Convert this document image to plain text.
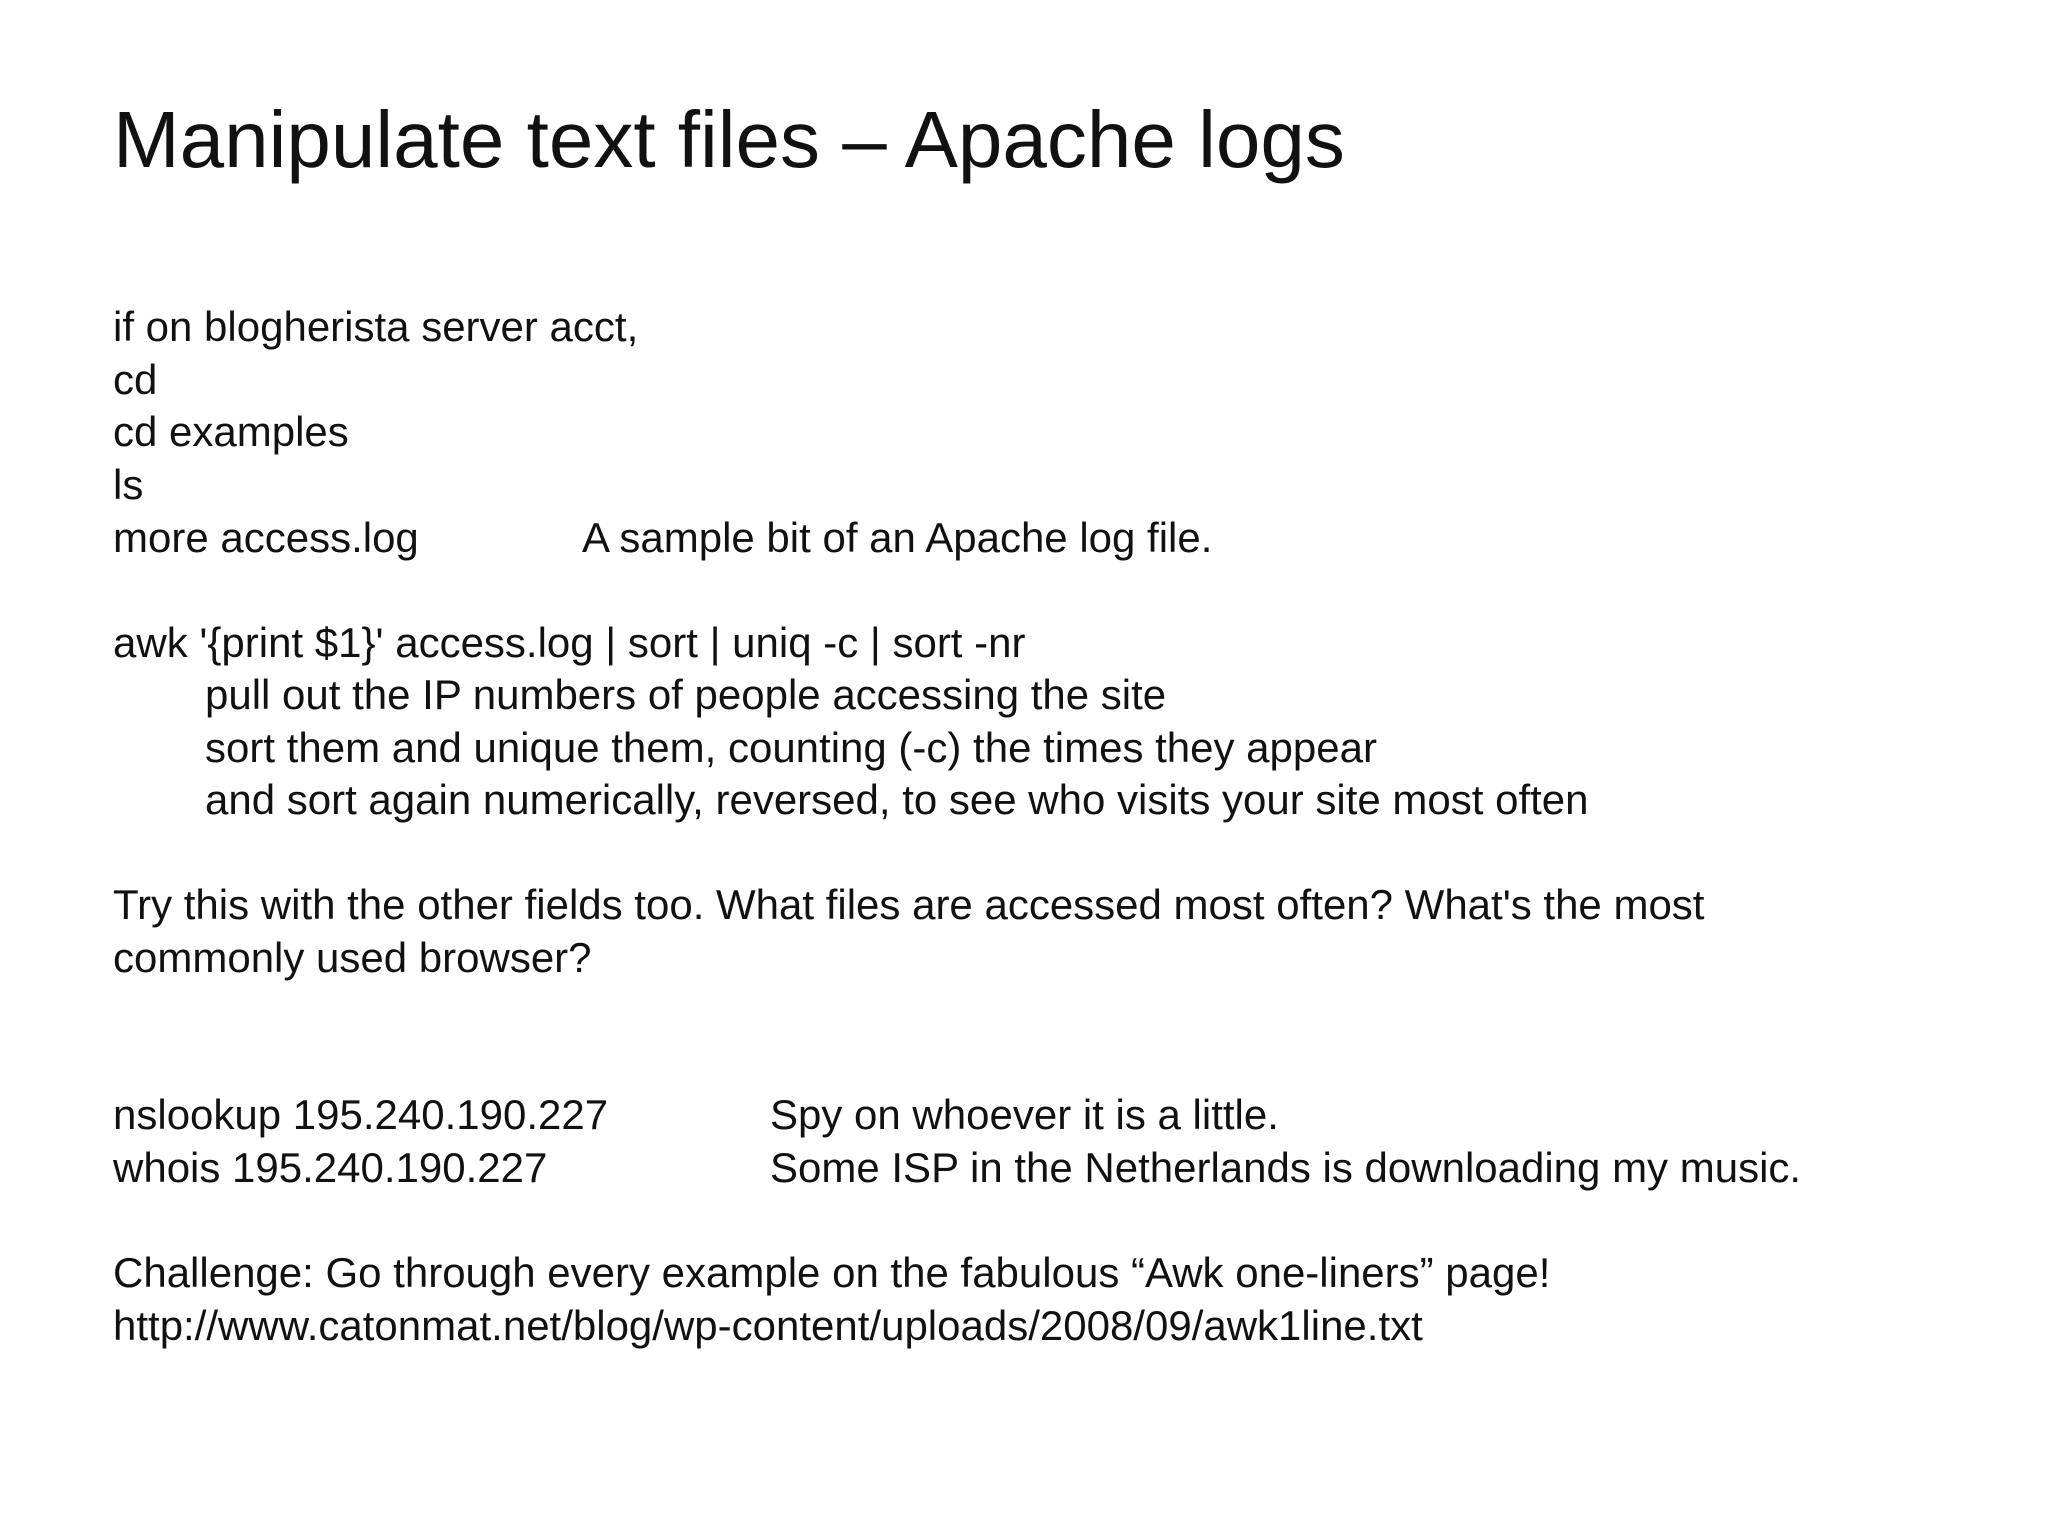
Manipulate text files – Apache logs
if on blogherista server acct,
cd
cd examples
ls
more access.log	A sample bit of an Apache log file.
awk '{print $1}' access.log | sort | uniq -c | sort -nr
pull out the IP numbers of people accessing the site
sort them and unique them, counting (-c) the times they appear
and sort again numerically, reversed, to see who visits your site most often
Try this with the other fields too. What files are accessed most often? What's the most
commonly used browser?
nslookup 195.240.190.227	Spy on whoever it is a little.
whois 195.240.190.227	Some ISP in the Netherlands is downloading my music.
Challenge: Go through every example on the fabulous “Awk one-liners” page!
http://www.catonmat.net/blog/wp-content/uploads/2008/09/awk1line.txt
